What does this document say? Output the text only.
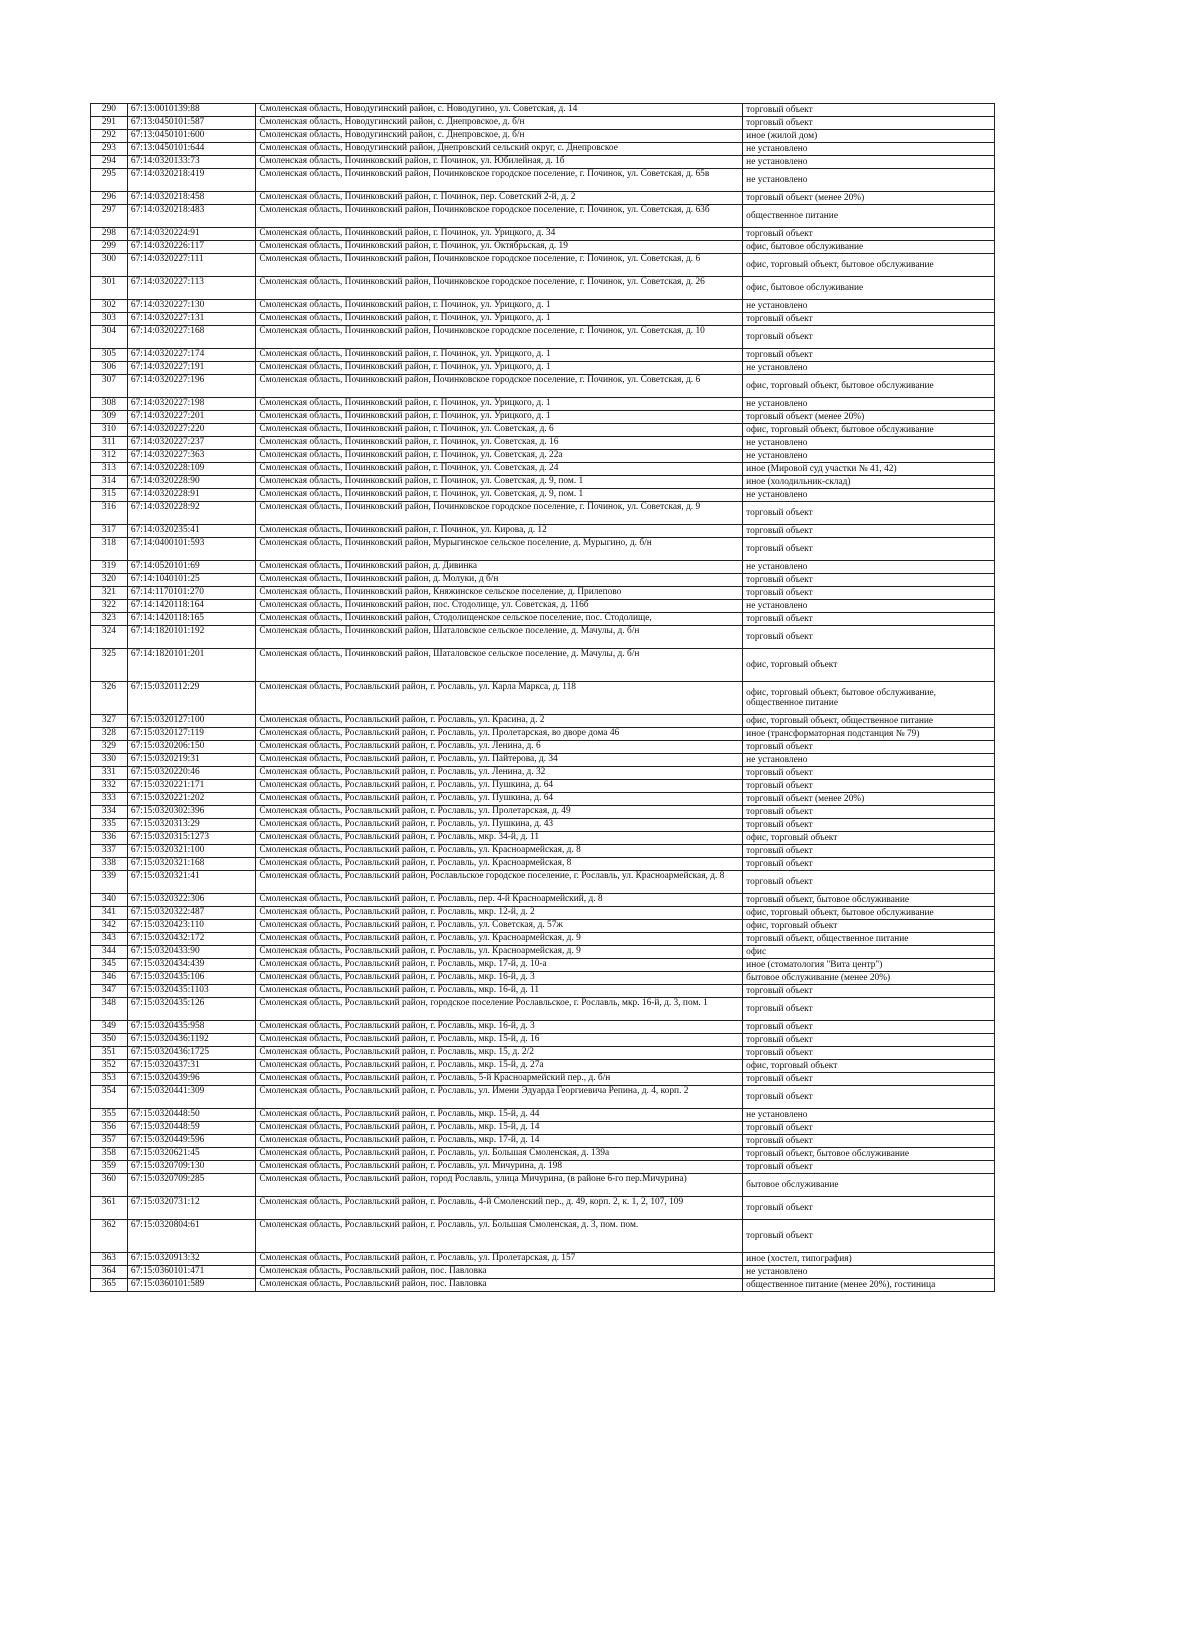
290	67:13:0010139:88	Смоленская область, Новодугинский район, с. Новодугино, ул. Советская, д. 14	торговый объект
291	67:13:0450101:587	Смоленская область, Новодугинский район, с. Днепровское, д. б/н	торговый объект
292	67:13:0450101:600	Смоленская область, Новодугинский район, с. Днепровское, д. б/н	иное (жилой дом)
293	67:13:0450101:644	Смоленская область, Новодугинский район, Днепровский сельский округ, с. Днепровское	не установлено
294	67:14:0320133:73	Смоленская область, Починковский район, г. Починок, ул. Юбилейная, д. 1б	не установлено
295	67:14:0320218:419	Смоленская область, Починковский район, Починковское городское поселение, г. Починок, ул. Советская, д. 65в	не установлено
296	67:14:0320218:458	Смоленская область, Починковский район, г. Починок, пер. Советский 2-й, д. 2	торговый объект (менее 20%)
297	67:14:0320218:483	Смоленская область, Починковский район, Починковское городское поселение, г. Починок, ул. Советская, д. 63б	общественное питание
298	67:14:0320224:91	Смоленская область, Починковский район, г. Починок, ул. Урицкого, д. 34	торговый объект
299	67:14:0320226:117	Смоленская область, Починковский район, г. Починок, ул. Октябрьская, д. 19	офис, бытовое обслуживание
300	67:14:0320227:111	Смоленская область, Починковский район, Починковское городское поселение, г. Починок, ул. Советская, д. 6	офис, торговый объект, бытовое обслуживание
301	67:14:0320227:113	Смоленская область, Починковский район, Починковское городское поселение, г. Починок, ул. Советская, д. 26	офис, бытовое обслуживание
302	67:14:0320227:130	Смоленская область, Починковский район, г. Починок, ул. Урицкого, д. 1	не установлено
303	67:14:0320227:131	Смоленская область, Починковский район, г. Починок, ул. Урицкого, д. 1	торговый объект
304	67:14:0320227:168	Смоленская область, Починковский район, Починковское городское поселение, г. Починок, ул. Советская, д. 10	торговый объект
305	67:14:0320227:174	Смоленская область, Починковский район, г. Починок, ул. Урицкого, д. 1	торговый объект
306	67:14:0320227:191	Смоленская область, Починковский район, г. Починок, ул. Урицкого, д. 1	не установлено
307	67:14:0320227:196	Смоленская область, Починковский район, Починковское городское поселение, г. Починок, ул. Советская, д. 6	офис, торговый объект, бытовое обслуживание
308	67:14:0320227:198	Смоленская область, Починковский район, г. Починок, ул. Урицкого, д. 1	не установлено
309	67:14:0320227:201	Смоленская область, Починковский район, г. Починок, ул. Урицкого, д. 1	торговый объект (менее 20%)
310	67:14:0320227:220	Смоленская область, Починковский район, г. Починок, ул. Советская, д. 6	офис, торговый объект, бытовое обслуживание
311	67:14:0320227:237	Смоленская область, Починковский район, г. Починок, ул. Советская, д. 16	не установлено
312	67:14:0320227:363	Смоленская область, Починковский район, г. Починок, ул. Советская, д. 22а	не установлено
313	67:14:0320228:109	Смоленская область, Починковский район, г. Починок, ул. Советская, д. 24	иное (Мировой суд участки № 41, 42)
314	67:14:0320228:90	Смоленская область, Починковский район, г. Починок, ул. Советская, д. 9, пом. 1	иное (холодильник-склад)
315	67:14:0320228:91	Смоленская область, Починковский район, г. Починок, ул. Советская, д. 9, пом. 1	не установлено
316	67:14:0320228:92	Смоленская область, Починковский район, Починковское городское поселение, г. Починок, ул. Советская, д. 9	торговый объект
317	67:14:0320235:41	Смоленская область, Починковский район, г. Починок, ул. Кирова, д. 12	торговый объект
318	67:14:0400101:593	Смоленская область, Починковский район, Мурыгинское сельское поселение, д. Мурыгино, д. б/н	торговый объект
319	67:14:0520101:69	Смоленская область, Починковский район, д. Дивинка	не установлено
320	67:14:1040101:25	Смоленская область, Починковский район, д. Молуки, д б/н	торговый объект
321	67:14:1170101:270	Смоленская область, Починковский район, Княжинское сельское поселение, д. Прилепово	торговый объект
322	67:14:1420118:164	Смоленская область, Починковский район, пос. Стодолище, ул. Советская, д. 116б	не установлено
323	67:14:1420118:165	Смоленская область, Починковский район, Стодолищенское сельское поселение, пос. Стодолище,	торговый объект
324	67:14:1820101:192	Смоленская область, Починковский район, Шаталовское сельское поселение, д. Мачулы, д. б/н	торговый объект
325	67:14:1820101:201	Смоленская область, Починковский район, Шаталовское сельское поселение, д. Мачулы, д. б/н	офис, торговый объект
326	67:15:0320112:29	Смоленская область, Рославльский район, г. Рославль, ул. Карла Маркса, д. 118	офис, торговый объект, бытовое обслуживание, общественное питание
327	67:15:0320127:100	Смоленская область, Рославльский район, г. Рославль, ул. Красина, д. 2	офис, торговый объект, общественное питание
328	67:15:0320127:119	Смоленская область, Рославльский район, г. Рославль, ул. Пролетарская, во дворе дома 46	иное (трансформаторная подстанция № 79)
329	67:15:0320206:150	Смоленская область, Рославльский район, г. Рославль, ул. Ленина, д. 6	торговый объект
330	67:15:0320219:31	Смоленская область, Рославльский район, г. Рославль, ул. Пайтерова, д. 34	не установлено
331	67:15:0320220:46	Смоленская область, Рославльский район, г. Рославль, ул. Ленина, д. 32	торговый объект
332	67:15:0320221:171	Смоленская область, Рославльский район, г. Рославль, ул. Пушкина, д. 64	торговый объект
333	67:15:0320221:202	Смоленская область, Рославльский район, г. Рославль, ул. Пушкина, д. 64	торговый объект (менее 20%)
334	67:15:0320302:396	Смоленская область, Рославльский район, г. Рославль, ул. Пролетарская, д. 49	торговый объект
335	67:15:0320313:29	Смоленская область, Рославльский район, г. Рославль, ул. Пушкина, д. 43	торговый объект
336	67:15:0320315:1273	Смоленская область, Рославльский район, г. Рославль, мкр. 34-й, д. 11	офис, торговый объект
337	67:15:0320321:100	Смоленская область, Рославльский район, г. Рославль, ул. Красноармейская, д. 8	торговый объект
338	67:15:0320321:168	Смоленская область, Рославльский район, г. Рославль, ул. Красноармейская, 8	торговый объект
339	67:15:0320321:41	Смоленская область, Рославльский район, Рославльское городское поселение, г. Рославль, ул. Красноармейская, д. 8	торговый объект
340	67:15:0320322:306	Смоленская область, Рославльский район, г. Рославль, пер. 4-й Красноармейский, д. 8	торговый объект, бытовое обслуживание
341	67:15:0320322:487	Смоленская область, Рославльский район, г. Рославль, мкр. 12-й, д. 2	офис, торговый объект, бытовое обслуживание
342	67:15:0320423:110	Смоленская область, Рославльский район, г. Рославль, ул. Советская, д. 57ж	офис, торговый объект
343	67:15:0320432:172	Смоленская область, Рославльский район, г. Рославль, ул. Красноармейская, д. 9	торговый объект, общественное питание
344	67:15:0320433:90	Смоленская область, Рославльский район, г. Рославль, ул. Красноармейская, д. 9	офис
345	67:15:0320434:439	Смоленская область, Рославльский район, г. Рославль, мкр. 17-й, д. 10-а	иное (стоматология "Вита центр")
346	67:15:0320435:106	Смоленская область, Рославльский район, г. Рославль, мкр. 16-й, д. 3	бытовое обслуживание (менее 20%)
347	67:15:0320435:1103	Смоленская область, Рославльский район, г. Рославль, мкр. 16-й, д. 11	торговый объект
348	67:15:0320435:126	Смоленская область, Рославльский район, городское поселение Рославльское, г. Рославль, мкр. 16-й, д. 3, пом. 1	торговый объект
349	67:15:0320435:958	Смоленская область, Рославльский район, г. Рославль, мкр. 16-й, д. 3	торговый объект
350	67:15:0320436:1192	Смоленская область, Рославльский район, г. Рославль, мкр. 15-й, д. 16	торговый объект
351	67:15:0320436:1725	Смоленская область, Рославльский район, г. Рославль, мкр. 15, д. 2/2	торговый объект
352	67:15:0320437:31	Смоленская область, Рославльский район, г. Рославль, мкр. 15-й, д. 27а	офис, торговый объект
353	67:15:0320439:96	Смоленская область, Рославльский район, г. Рославль, 5-й Красноармейский пер., д. б/н	торговый объект
354	67:15:0320441:309	Смоленская область, Рославльский район, г. Рославль, ул. Имени Эдуарда Георгиевича Репина, д. 4, корп. 2	торговый объект
355	67:15:0320448:50	Смоленская область, Рославльский район, г. Рославль, мкр. 15-й, д. 44	не установлено
356	67:15:0320448:59	Смоленская область, Рославльский район, г. Рославль, мкр. 15-й, д. 14	торговый объект
357	67:15:0320449:596	Смоленская область, Рославльский район, г. Рославль, мкр. 17-й, д. 14	торговый объект
358	67:15:0320621:45	Смоленская область, Рославльский район, г. Рославль, ул. Большая Смоленская, д. 139а	торговый объект, бытовое обслуживание
359	67:15:0320709:130	Смоленская область, Рославльский район, г. Рославль, ул. Мичурина, д. 198	торговый объект
360	67:15:0320709:285	Смоленская область, Рославльский район, город Рославль, улица Мичурина, (в районе 6-го пер.Мичурина)	бытовое обслуживание
361	67:15:0320731:12	Смоленская область, Рославльский район, г. Рославль, 4-й Смоленский пер., д. 49, корп. 2, к. 1, 2, 107, 109	торговый объект
362	67:15:0320804:61	Смоленская область, Рославльский район, г. Рославль, ул. Большая Смоленская, д. 3, пом. пом.	торговый объект
363	67:15:0320913:32	Смоленская область, Рославльский район, г. Рославль, ул. Пролетарская, д. 157	иное (хостел, типография)
364	67:15:0360101:471	Смоленская область, Рославльский район, пос. Павловка	не установлено
365	67:15:0360101:589	Смоленская область, Рославльский район, пос. Павловка	общественное питание (менее 20%), гостиница
